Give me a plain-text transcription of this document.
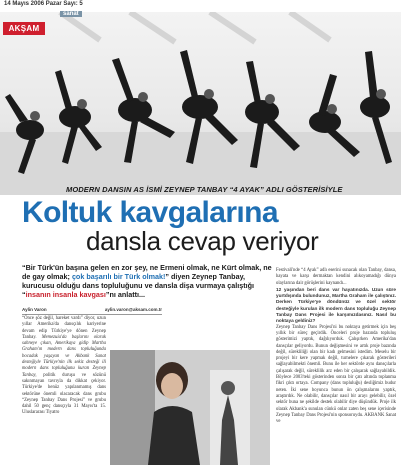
AKŞAM
14 Mayıs 2006 Pazar Sayı: 5
sanat
MODERN DANSIN AS İSMİ ZEYNEP TANBAY “4 AYAK” ADLI GÖSTERİSİYLE
Koltuk kavgalarına
dansla cevap veriyor
“Bir Türk'ün başına gelen en zor şey, ne Ermeni olmak, ne Kürt olmak, ne de gay olmak; çok başarılı bir Türk olmak!” diyen Zeynep Tanbay, kurucusu olduğu dans topluluğunu ve dansla dişa vurmaya çalıştığı “insanın insanla kavgası”nı anlattı...
Aylin Varon	aylin.varon@aksam.com.tr
“Önce şöz değil, hareket vardı” diyor, uzun yıllar Amerika'da dansçılık kariyerine devam edip Türkiye'ye dönen Zeynep Tanbay. Memezuia'da başlarını olarak sahneye çıkan, Amerikaya gidip Martha Graham'ın modern dans topluluğunda bocadak yaşayan ve Akbank Sanat desteğiyle Türkiye'nin ilk sekiz desteği ili modern dans topluluğunu kuran Zeynep Tanbay, politik duruşu ve sözünü sakınmayan tavrıyla da dikkat çekiyor. Türkiye'de henüz yapılanmamış dans sektörüne önemli olacaracak dans grubu “Zeynep Tanbay Dans Projesi” ve grubu dahil 50 genç dansçıyla 31 Mayıs'ta 15. Uluslararası Tiyatro

Festivali'nde “4 Ayak” adlı eserini sunacak olan Tanbay, dansa, hayata ve karşı dermaktan kendini alıkoyamadığı dünya olaylarına dair görüşlerini kaynandı...

12 yaşından beri dans var hayatınızda. Uzun süre yurtdışında bulundunuz, Martha Graham ile çalıştınız. Derken Türkiye'ye döndünüz ve özel sektör desteğiyle kurulan ilk modern dans topluluğu Zeynep Tanbay Dans Projesi ile karşımızdasınız. Nasıl bu noktaya geldiniz?

Zeynep Tanbay Dans Projesi'ni bu noktaya getirmek için beş yıllık bir süreç geçirdik. Önceleri proje bazında topluluş gösterimizi yaptık, dağılıyorduk. Çalışırken Amerika'dan dansçılar geliyordu. Bunun değişmesini ve artık proje bazında değil, sürekliliği olan bir kadı gelmesini istedim. Meselu bir projeyi bir kere yapmak değil, turnelere çıkarak gösterileri sağlayabilmekti önemli. Bunu ile her sektörde aynı dansçılarla çalışarak değil, süreklilik arz eden bir çalışarak sağlayabildik. Böylece 2003'teki gösterinden sonra bir çatı altında toplanma fikri çıktı ortaya. Company (dans topluluğu) desliğimiz budur neten. İki sene boyunca bunun ön çalışmalarını yaptık, araştırdık. Ne olabilir, dansçılar nasıl bir arayı gelebilir, özel sektör buna ne şekilde destek olabilir diye düşündük. Proje ilk olarak Akbank'a sunulan cünkü onlar zaten beş sene içerisinde Zeynep Tanbay Dans Projesi'nin sponsoruydu. AKBANK Sanat ve
